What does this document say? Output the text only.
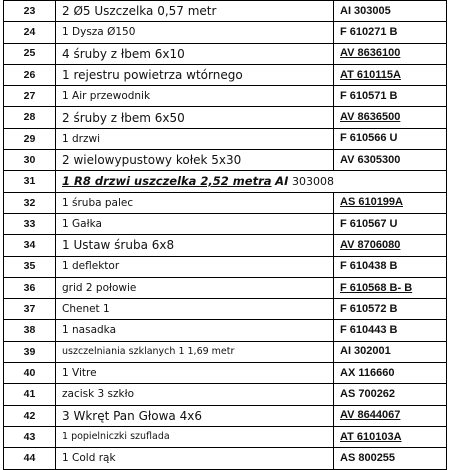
23	2 Ø5 Uszczelka 0,57 metr	AI 303005
24	1 Dysza Ø150	F 610271 B
25	4 śruby z łbem 6x10	AV 8636100
26	1 rejestru powietrza wtórnego	AT 610115A
27	1 Air przewodnik	F 610571 B
28	2 śruby z łbem 6x50	AV 8636500
29	1 drzwi	F 610566 U
30	2 wielowypustowy kołek 5x30	AV 6305300
31	1 R8 drzwi uszczelka 2,52 metra AI 303008	
32	1 śruba palec	AS 610199A
33	1 Gałka	F 610567 U
34	1 Ustaw śruba 6x8	AV 8706080
35	1 deflektor	F 610438 B
36	grid 2 połowie	F 610568 B- B
37	Chenet 1	F 610572 B
38	1 nasadka	F 610443 B
39	uszczelniania szklanych 1 1,69 metr	AI 302001
40	1 Vitre	AX 116660
41	zacisk 3 szkło	AS 700262
42	3 Wkręt Pan Głowa 4x6	AV 8644067
43	1 popielniczki szuflada	AT 610103A
44	1 Cold rąk	AS 800255
